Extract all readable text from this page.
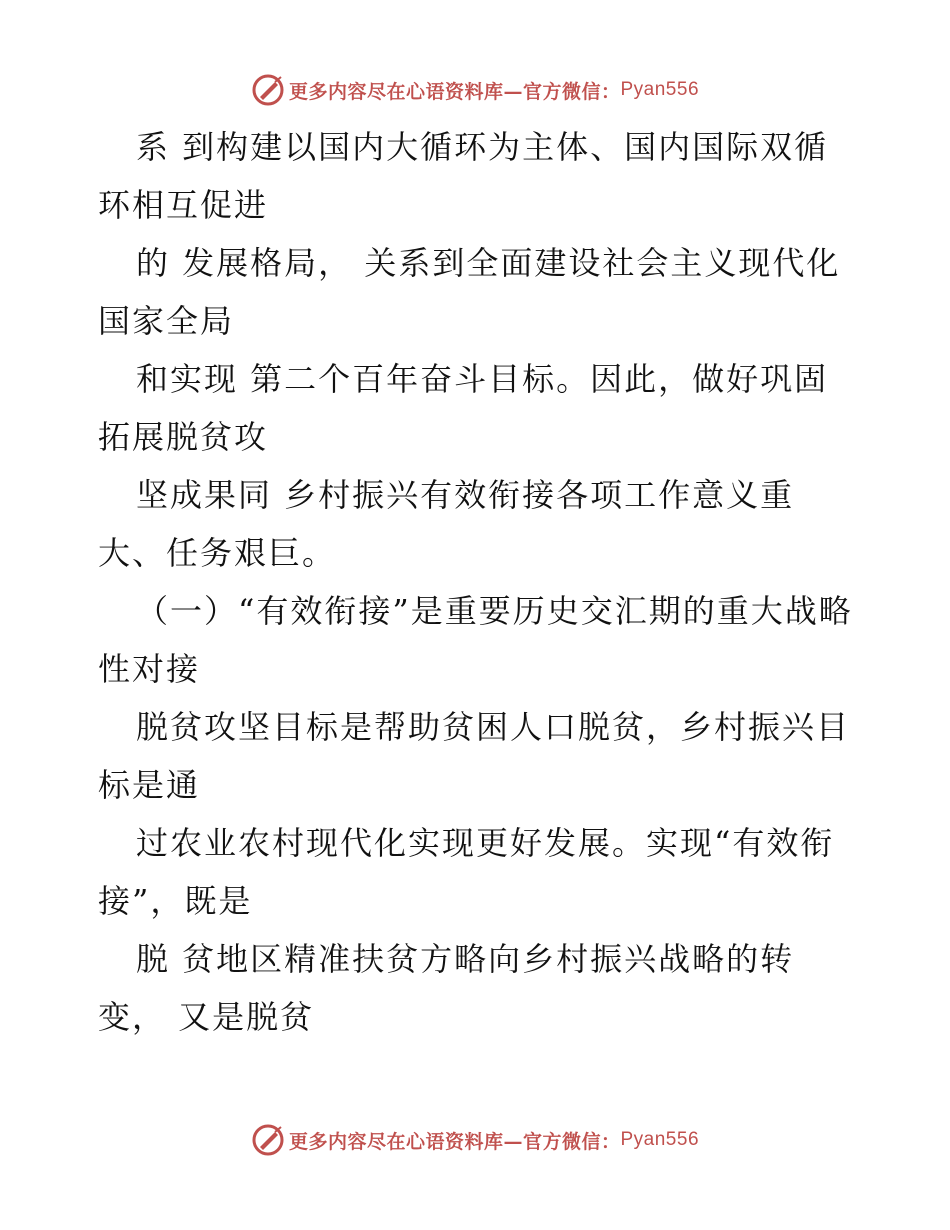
更多内容尽在心语资料库—官方微信： Pyan556
系 到构建以国内大循环为主体、国内国际双循
环相互促进
的 发展格局， 关系到全面建设社会主义现代化
国家全局
和实现 第二个百年奋斗目标。因此，做好巩固
拓展脱贫攻
坚成果同 乡村振兴有效衔接各项工作意义重
大、任务艰巨。
（一）“有效衔接”是重要历史交汇期的重大战略
性对接
脱贫攻坚目标是帮助贫困人口脱贫，乡村振兴目
标是通
过农业农村现代化实现更好发展。实现“有效衔
接”，既是
脱 贫地区精准扶贫方略向乡村振兴战略的转
变， 又是脱贫
更多内容尽在心语资料库—官方微信： Pyan556
